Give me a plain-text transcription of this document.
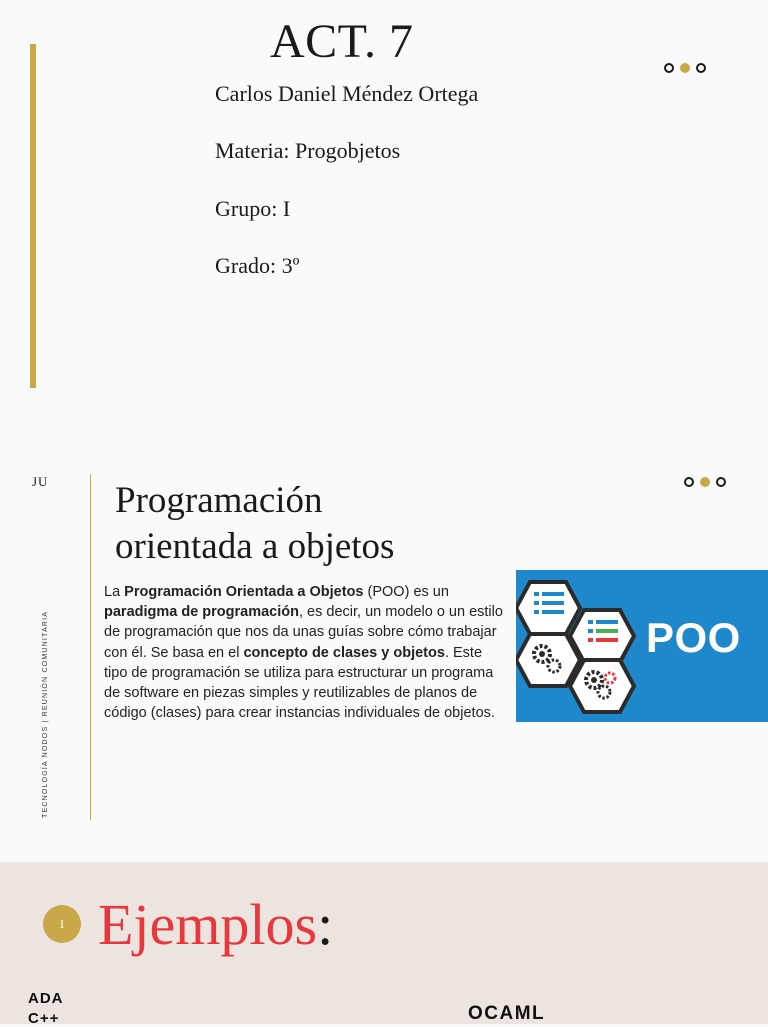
ACT. 7
Carlos Daniel Méndez Ortega
Materia: Progobjetos
Grupo: I
Grado: 3º
JU
TECNOLOGÍA NODOS | REUNIÓN COMUNITARIA
Programación
orientada a objetos

La Programación Orientada a Objetos (POO) es un paradigma de programación, es decir, un modelo o un estilo de programación que nos da unas guías sobre cómo trabajar con él. Se basa en el concepto de clases y objetos. Este tipo de programación se utiliza para estructurar un programa de software en piezas simples y reutilizables de planos de código (clases) para crear instancias individuales de objetos.

POO
I Ejemplos:
ADA
C++	OCAML
